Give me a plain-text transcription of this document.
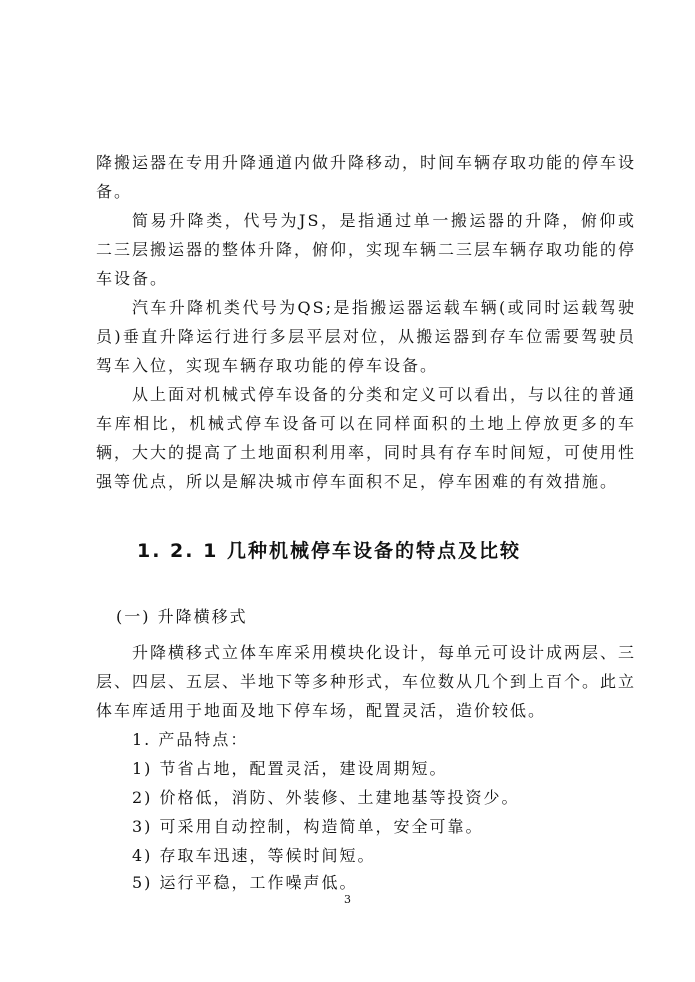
降搬运器在专用升降通道内做升降移动，时间车辆存取功能的停车设备。

简易升降类，代号为JS，是指通过单一搬运器的升降，俯仰或二三层搬运器的整体升降，俯仰，实现车辆二三层车辆存取功能的停车设备。

汽车升降机类代号为QS;是指搬运器运载车辆(或同时运载驾驶员)垂直升降运行进行多层平层对位，从搬运器到存车位需要驾驶员驾车入位，实现车辆存取功能的停车设备。

从上面对机械式停车设备的分类和定义可以看出，与以往的普通车库相比，机械式停车设备可以在同样面积的土地上停放更多的车辆，大大的提高了土地面积利用率，同时具有存车时间短，可使用性强等优点，所以是解决城市停车面积不足，停车困难的有效措施。

1. 2. 1 几种机械停车设备的特点及比较

(一) 升降横移式

升降横移式立体车库采用模块化设计，每单元可设计成两层、三层、四层、五层、半地下等多种形式，车位数从几个到上百个。此立体车库适用于地面及地下停车场，配置灵活，造价较低。

1. 产品特点：

1) 节省占地，配置灵活，建设周期短。

2) 价格低，消防、外装修、土建地基等投资少。

3) 可采用自动控制，构造简单，安全可靠。

4) 存取车迅速，等候时间短。

5) 运行平稳，工作噪声低。

3
